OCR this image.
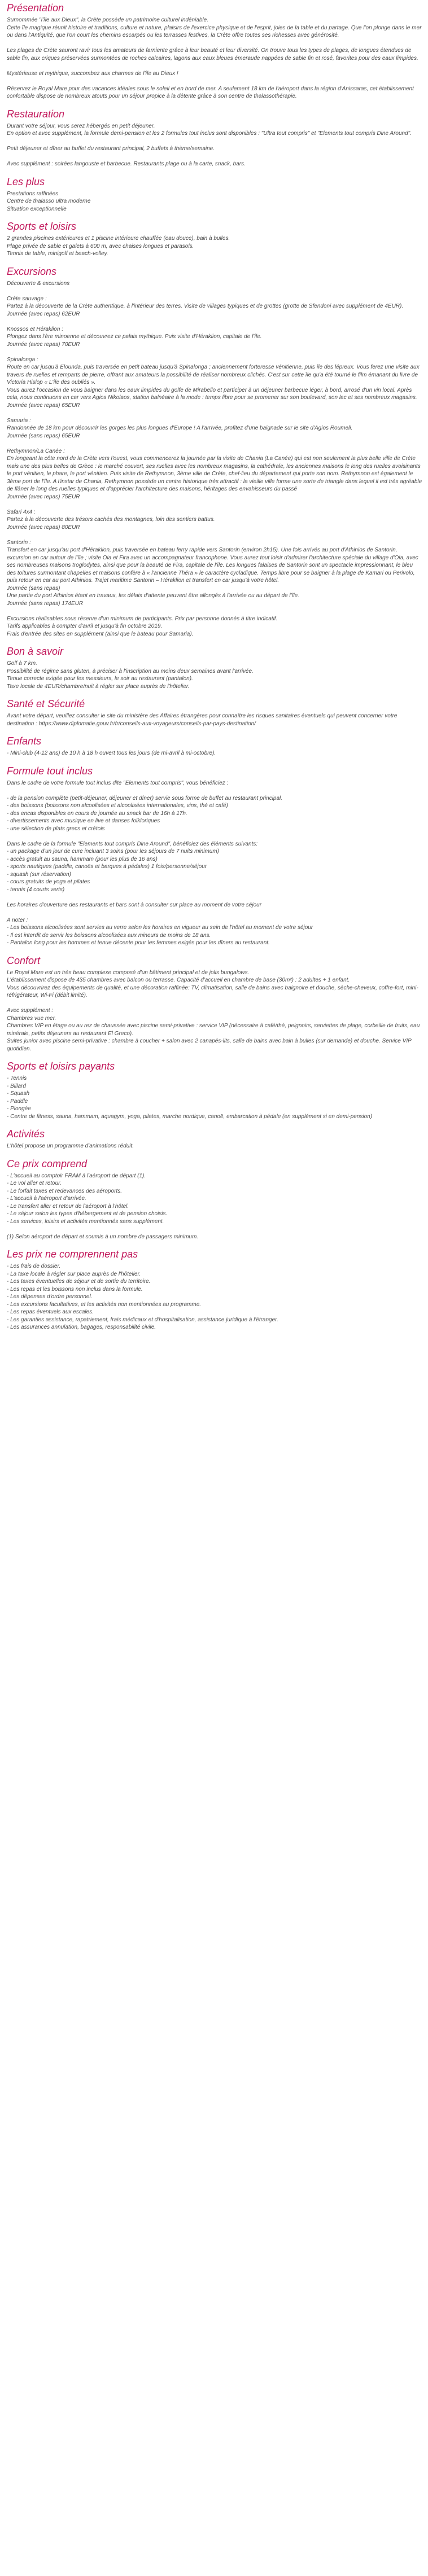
Présentation

Surnommée "l'île aux Dieux", la Crète possède un patrimoine culturel indéniable.
Cette île magique réunit histoire et traditions, culture et nature, plaisirs de l'exercice physique et de l'esprit, joies de la table et du partage. Que l'on plonge dans le mer ou dans l'Antiquité, que l'on court les chemins escarpés ou les terrasses festives, la Crète offre toutes ses richesses avec générosité.

Les plages de Crète sauront ravir tous les amateurs de farniente grâce à leur beauté et leur diversité. On trouve tous les types de plages, de longues étendues de sable fin, aux criques préservées surmontées de roches calcaires, lagons aux eaux bleues émeraude nappées de sable fin et rosé, favorites pour des eaux limpides.

Mystérieuse et mythique, succombez aux charmes de l'île au Dieux !

Réservez le Royal Mare pour des vacances idéales sous le soleil et en bord de mer. A seulement 18 km de l'aéroport dans la région d'Anissaras, cet établissement confortable dispose de nombreux atouts pour un séjour propice à la détente grâce à son centre de thalassothérapie.

Restauration

Durant votre séjour, vous serez hébergés en petit déjeuner.
En option et avec supplément, la formule demi-pension et les 2 formules tout inclus sont disponibles : "Ultra tout compris" et "Elements tout compris Dine Around".

Petit déjeuner et dîner au buffet du restaurant principal, 2 buffets à thème/semaine.

Avec supplément : soirées langouste et barbecue. Restaurants plage ou à la carte, snack, bars.

Les plus

Prestations raffinées
Centre de thalasso ultra moderne
Situation exceptionnelle

Sports et loisirs

2 grandes piscines extérieures et 1 piscine intérieure chauffée (eau douce), bain à bulles.
Plage privée de sable et galets à 600 m, avec chaises longues et parasols.
Tennis de table, minigolf et beach-volley.

Excursions

Découverte & excursions

Crète sauvage :
Partez à la découverte de la Crète authentique, à l'intérieur des terres. Visite de villages typiques et de grottes (grotte de Sfendoni avec supplément de 4EUR).
Journée (avec repas) 62EUR

Knossos et Héraklion :
Plongez dans l'ère minoenne et découvrez ce palais mythique. Puis visite d'Héraklion, capitale de l'île.
Journée (avec repas) 70EUR

Spinalonga :
Route en car jusqu'à Elounda, puis traversée en petit bateau jusqu'à Spinalonga ; anciennement forteresse vénitienne, puis île des lépreux. Vous ferez une visite aux travers de ruelles et remparts de pierre, offrant aux amateurs la possibilité de réaliser nombreux clichés. C'est sur cette île qu'a été tourné le film émanant du livre de Victoria Hislop « L'île des oubliés ».
Vous aurez l'occasion de vous baigner dans les eaux limpides du golfe de Mirabello et participer à un déjeuner barbecue léger, à bord, arrosé d'un vin local. Après cela, nous continuons en car vers Agios Nikolaos, station balnéaire à la mode : temps libre pour se promener sur son boulevard, son lac et ses nombreux magasins.
Journée (avec repas) 65EUR

Samaria :
Randonnée de 18 km pour découvrir les gorges les plus longues d'Europe ! A l'arrivée, profitez d'une baignade sur le site d'Agios Roumeli.
Journée (sans repas) 65EUR

Rethymnon/La Canée :
En longeant la côte nord de la Crète vers l'ouest, vous commencerez la journée par la visite de Chania (La Canée) qui est non seulement la plus belle ville de Crète mais une des plus belles de Grèce : le marché couvert, ses ruelles avec les nombreux magasins, la cathédrale, les anciennes maisons le long des ruelles avoisinants le port vénitien, le phare, le port vénitien. Puis visite de Rethymnon, 3ème ville de Crète, chef-lieu du département qui porte son nom. Rethymnon est également le 3ème port de l'île. A l'instar de Chania, Rethymnon possède un centre historique très attractif : la vieille ville forme une sorte de triangle dans lequel il est très agréable de flâner le long des ruelles typiques et d'apprécier l'architecture des maisons, héritages des envahisseurs du passé
Journée (avec repas) 75EUR

Safari 4x4 :
Partez à la découverte des trésors cachés des montagnes, loin des sentiers battus.
Journée (avec repas) 80EUR

Santorin :
Transfert en car jusqu'au port d'Héraklion, puis traversée en bateau ferry rapide vers Santorin (environ 2h15). Une fois arrivés au port d'Athinios de Santorin, excursion en car autour de l'île ; visite Oia et Fira avec un accompagnateur francophone. Vous aurez tout loisir d'admirer l'architecture spéciale du village d'Oia, avec ses nombreuses maisons troglodytes, ainsi que pour la beauté de Fira, capitale de l'île. Les longues falaises de Santorin sont un spectacle impressionnant, le bleu des toitures surmontant chapelles et maisons confère à « l'ancienne Théra » le caractère cycladique. Temps libre pour se baigner à la plage de Kamari ou Perivolo, puis retour en car au port Athinios. Trajet maritime Santorin – Héraklion et transfert en car jusqu'à votre hôtel.
Journée (sans repas)
Une partie du port Athinios étant en travaux, les délais d'attente peuvent être allongés à l'arrivée ou au départ de l'île.
Journée (sans repas) 174EUR

Excursions réalisables sous réserve d'un minimum de participants. Prix par personne donnés à titre indicatif.
Tarifs applicables à compter d'avril et jusqu'à fin octobre 2019.
Frais d'entrée des sites en supplément (ainsi que le bateau pour Samaria).

Bon à savoir

Golf à 7 km.
Possibilité de régime sans gluten, à préciser à l'inscription au moins deux semaines avant l'arrivée.
Tenue correcte exigée pour les messieurs, le soir au restaurant (pantalon).
Taxe locale de 4EUR/chambre/nuit à régler sur place auprès de l'hôtelier.

Santé et Sécurité

Avant votre départ, veuillez consulter le site du ministère des Affaires étrangères pour connaître les risques sanitaires éventuels qui peuvent concerner votre destination : https://www.diplomatie.gouv.fr/fr/conseils-aux-voyageurs/conseils-par-pays-destination/

Enfants

- Mini-club (4-12 ans) de 10 h à 18 h ouvert tous les jours (de mi-avril à mi-octobre).

Formule tout inclus

Dans le cadre de votre formule tout inclus dite "Elements tout compris", vous bénéficiez :

- de la pension complète (petit-déjeuner, déjeuner et dîner) servie sous forme de buffet au restaurant principal.
- des boissons (boissons non alcoolisées et alcoolisées internationales, vins, thé et café)
- des encas disponibles en cours de journée au snack bar de 16h à 17h.
- divertissements avec musique en live et danses folkloriques
- une sélection de plats grecs et crétois

Dans le cadre de la formule "Elements tout compris Dine Around", bénéficiez des éléments suivants:
- un package d'un jour de cure incluant 3 soins (pour les séjours de 7 nuits minimum)
- accès gratuit au sauna, hammam (pour les plus de 16 ans)
- sports nautiques (paddle, canoës et barques à pédales) 1 fois/personne/séjour
- squash (sur réservation)
- cours gratuits de yoga et pilates
- tennis (4 courts verts)

Les horaires d'ouverture des restaurants et bars sont à consulter sur place au moment de votre séjour

A noter :
- Les boissons alcoolisées sont servies au verre selon les horaires en vigueur au sein de l'hôtel au moment de votre séjour
- Il est interdit de servir les boissons alcoolisées aux mineurs de moins de 18 ans.
- Pantalon long pour les hommes et tenue décente pour les femmes exigés pour les dîners au restaurant.

Confort

Le Royal Mare est un très beau complexe composé d'un bâtiment principal et de jolis bungalows.
L'établissement dispose de 435 chambres avec balcon ou terrasse. Capacité d'accueil en chambre de base (30m²) : 2 adultes + 1 enfant.
Vous découvrirez des équipements de qualité, et une décoration raffinée: TV, climatisation, salle de bains avec baignoire et douche, sèche-cheveux, coffre-fort, mini-réfrigérateur, Wi-Fi (débit limité).

Avec supplément :
Chambres vue mer.
Chambres VIP en étage ou au rez de chaussée avec piscine semi-privative : service VIP (nécessaire à café/thé, peignoirs, serviettes de plage, corbeille de fruits, eau minérale, petits déjeuners au restaurant El Greco).
Suites junior avec piscine semi-privative : chambre à coucher + salon avec 2 canapés-lits, salle de bains avec bain à bulles (sur demande) et douche. Service VIP quotidien.

Sports et loisirs payants

- Tennis
- Billard
- Squash
- Paddle
- Plongée
- Centre de fitness, sauna, hammam, aquagym, yoga, pilates, marche nordique, canoë, embarcation à pédale (en supplément si en demi-pension)

Activités

L'hôtel propose un programme d'animations réduit.

Ce prix comprend

- L'accueil au comptoir FRAM à l'aéroport de départ (1).
- Le vol aller et retour.
- Le forfait taxes et redevances des aéroports.
- L'accueil à l'aéroport d'arrivée.
- Le transfert aller et retour de l'aéroport à l'hôtel.
- Le séjour selon les types d'hébergement et de pension choisis.
- Les services, loisirs et activités mentionnés sans supplément.

(1) Selon aéroport de départ et soumis à un nombre de passagers minimum.

Les prix ne comprennent pas

- Les frais de dossier.
- La taxe locale à régler sur place auprès de l'hôtelier.
- Les taxes éventuelles de séjour et de sortie du territoire.
- Les repas et les boissons non inclus dans la formule.
- Les dépenses d'ordre personnel.
- Les excursions facultatives, et les activités non mentionnées au programme.
- Les repas éventuels aux escales.
- Les garanties assistance, rapatriement, frais médicaux et d'hospitalisation, assistance juridique à l'étranger.
- Les assurances annulation, bagages, responsabilité civile.
